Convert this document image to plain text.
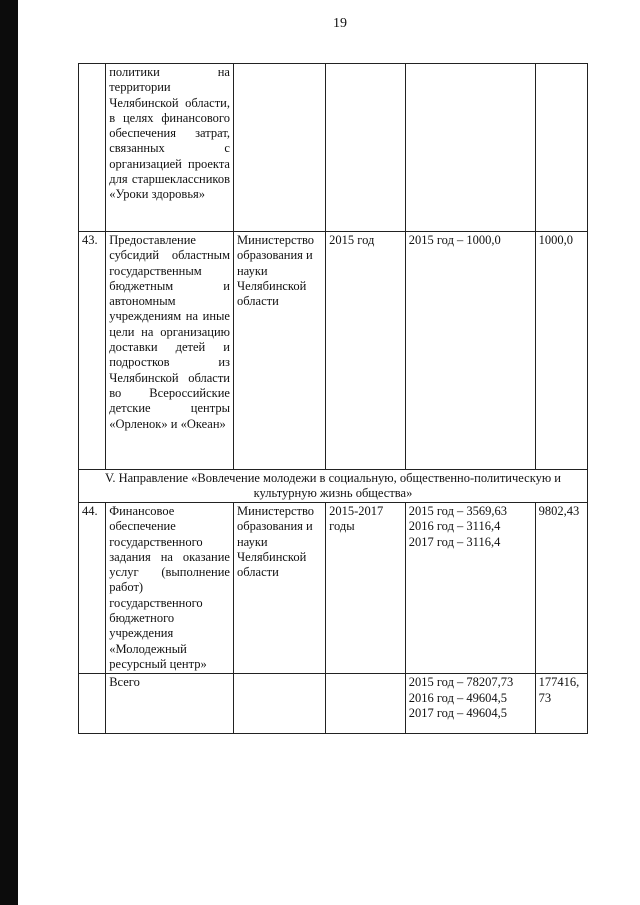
19
	политики на территории Челябинской области, в целях финансового обеспечения затрат, связанных с организацией проекта для старшеклассников «Уроки здоровья»				
43.	Предоставление субсидий областным государственным бюджетным и автономным учреждениям на иные цели на организацию доставки детей и подростков из Челябинской области во Всероссийские детские центры «Орленок» и «Океан»	Министерство образования и науки Челябинской области	2015 год	2015 год – 1000,0	1000,0
V. Направление «Вовлечение молодежи в социальную, общественно-политическую и культурную жизнь общества»					
44.	Финансовое обеспечение государственного задания на оказание услуг (выполнение работ) государственного бюджетного учреждения «Молодежный ресурсный центр»	Министерство образования и науки Челябинской области	2015-2017 годы	2015 год – 3569,63
2016 год – 3116,4
2017 год – 3116,4	9802,43
	Всего			2015 год – 78207,73
2016 год – 49604,5
2017 год – 49604,5	177416,73
